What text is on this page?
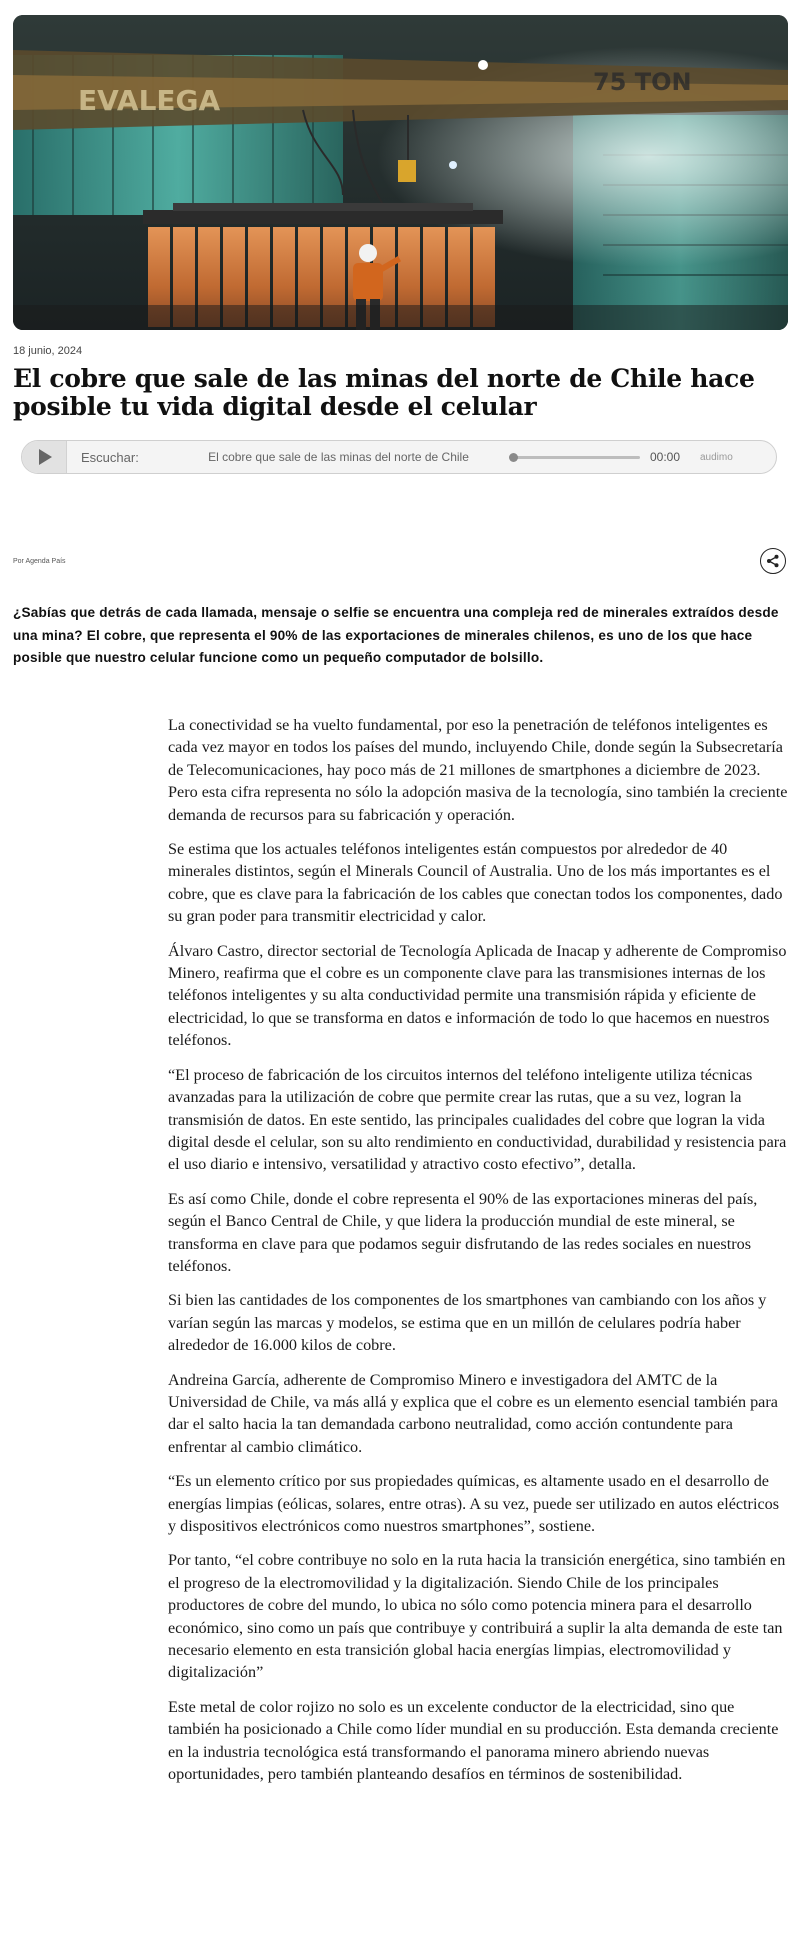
EVALEGA
75 TON
18 junio, 2024
El cobre que sale de las minas del norte de Chile hace posible tu vida digital desde el celular
Escuchar:	El cobre que sale de las minas del norte de Chile	00:00	audimo
Por Agenda País

¿Sabías que detrás de cada llamada, mensaje o selfie se encuentra una compleja red de minerales extraídos desde una mina? El cobre, que representa el 90% de las exportaciones de minerales chilenos, es uno de los que hace posible que nuestro celular funcione como un pequeño computador de bolsillo.

La conectividad se ha vuelto fundamental, por eso la penetración de teléfonos inteligentes es cada vez mayor en todos los países del mundo, incluyendo Chile, donde según la Subsecretaría de Telecomunicaciones, hay poco más de 21 millones de smartphones a diciembre de 2023. Pero esta cifra representa no sólo la adopción masiva de la tecnología, sino también la creciente demanda de recursos para su fabricación y operación.

Se estima que los actuales teléfonos inteligentes están compuestos por alrededor de 40 minerales distintos, según el Minerals Council of Australia. Uno de los más importantes es el cobre, que es clave para la fabricación de los cables que conectan todos los componentes, dado su gran poder para transmitir electricidad y calor.

Álvaro Castro, director sectorial de Tecnología Aplicada de Inacap y adherente de Compromiso Minero, reafirma que el cobre es un componente clave para las transmisiones internas de los teléfonos inteligentes y su alta conductividad permite una transmisión rápida y eficiente de electricidad, lo que se transforma en datos e información de todo lo que hacemos en nuestros teléfonos.

“El proceso de fabricación de los circuitos internos del teléfono inteligente utiliza técnicas avanzadas para la utilización de cobre que permite crear las rutas, que a su vez, logran la transmisión de datos. En este sentido, las principales cualidades del cobre que logran la vida digital desde el celular, son su alto rendimiento en conductividad, durabilidad y resistencia para el uso diario e intensivo, versatilidad y atractivo costo efectivo”, detalla.

Es así como Chile, donde el cobre representa el 90% de las exportaciones mineras del país, según el Banco Central de Chile, y que lidera la producción mundial de este mineral, se transforma en clave para que podamos seguir disfrutando de las redes sociales en nuestros teléfonos.

Si bien las cantidades de los componentes de los smartphones van cambiando con los años y varían según las marcas y modelos, se estima que en un millón de celulares podría haber alrededor de 16.000 kilos de cobre.

Andreina García, adherente de Compromiso Minero e investigadora del AMTC de la Universidad de Chile, va más allá y explica que el cobre es un elemento esencial también para dar el salto hacia la tan demandada carbono neutralidad, como acción contundente para enfrentar al cambio climático.

“Es un elemento crítico por sus propiedades químicas, es altamente usado en el desarrollo de energías limpias (eólicas, solares, entre otras). A su vez, puede ser utilizado en autos eléctricos y dispositivos electrónicos como nuestros smartphones”, sostiene.

Por tanto, “el cobre contribuye no solo en la ruta hacia la transición energética, sino también en el progreso de la electromovilidad y la digitalización. Siendo Chile de los principales productores de cobre del mundo, lo ubica no sólo como potencia minera para el desarrollo económico, sino como un país que contribuye y contribuirá a suplir la alta demanda de este tan necesario elemento en esta transición global hacia energías limpias, electromovilidad y digitalización”

Este metal de color rojizo no solo es un excelente conductor de la electricidad, sino que también ha posicionado a Chile como líder mundial en su producción. Esta demanda creciente en la industria tecnológica está transformando el panorama minero abriendo nuevas oportunidades, pero también planteando desafíos en términos de sostenibilidad.
